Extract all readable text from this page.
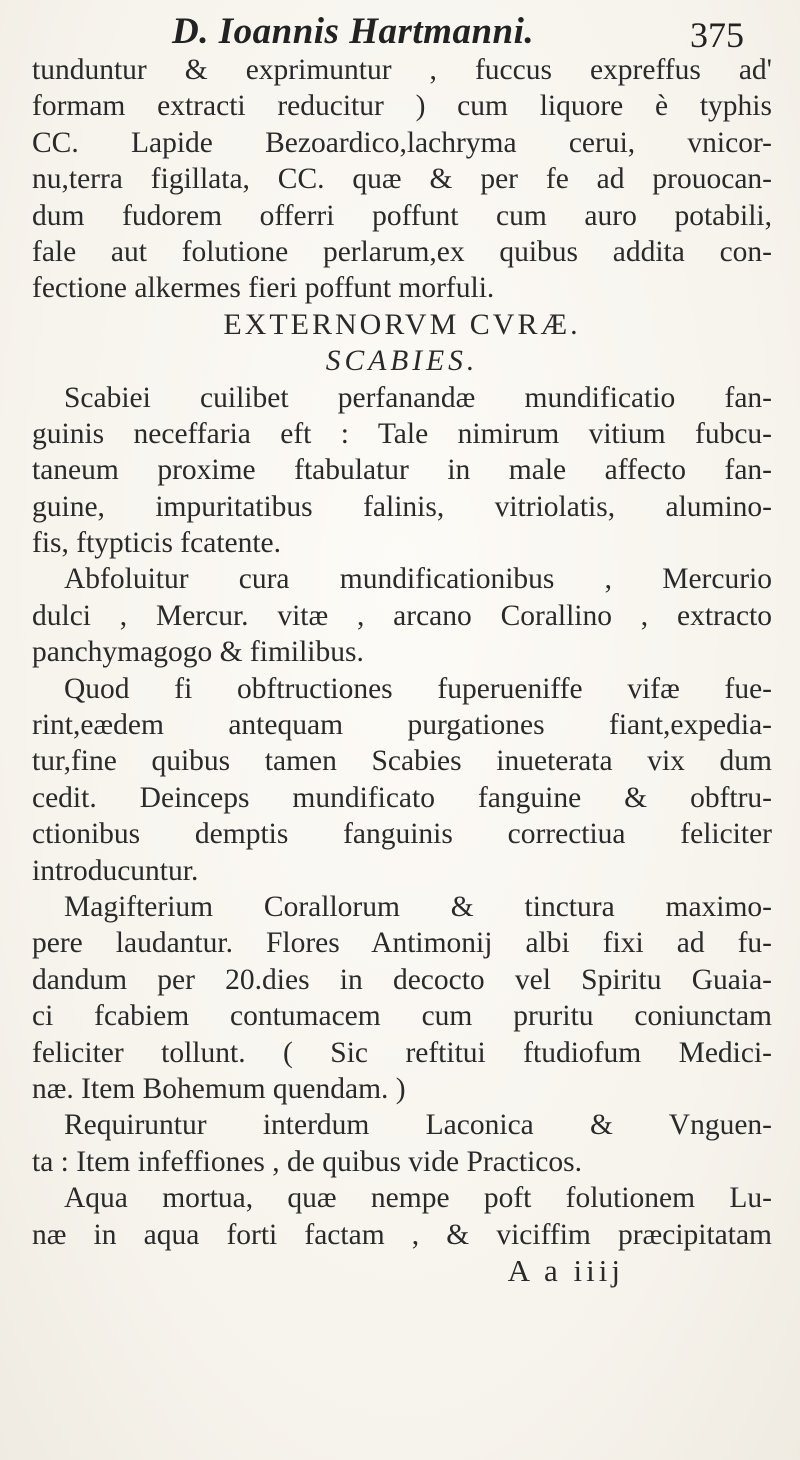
D. Ioannis Hartmanni.	375
tunduntur & exprimuntur , fuccus expreffus ad'
formam extracti reducitur ) cum liquore è typhis
CC. Lapide Bezoardico,lachryma cerui, vnicor-
nu,terra figillata, CC. quæ & per fe ad prouocan-
dum fudorem offerri poffunt cum auro potabili,
fale aut folutione perlarum,ex quibus addita con-
fectione alkermes fieri poffunt morfuli.
EXTERNORVM CVRÆ.
SCABIES.
Scabiei cuilibet perfanandæ mundificatio fan-
guinis neceffaria eft : Tale nimirum vitium fubcu-
taneum proxime ftabulatur in male affecto fan-
guine, impuritatibus falinis, vitriolatis, alumino-
fis, ftypticis fcatente.
Abfoluitur cura mundificationibus , Mercurio
dulci , Mercur. vitæ , arcano Corallino , extracto
panchymagogo & fimilibus.
Quod fi obftructiones fuperueniffe vifæ fue-
rint,eædem antequam purgationes fiant,expedia-
tur,fine quibus tamen Scabies inueterata vix dum
cedit. Deinceps mundificato fanguine & obftru-
ctionibus demptis fanguinis correctiua feliciter
introducuntur.
Magifterium Corallorum & tinctura maximo-
pere laudantur. Flores Antimonij albi fixi ad fu-
dandum per 20.dies in decocto vel Spiritu Guaia-
ci fcabiem contumacem cum pruritu coniunctam
feliciter tollunt. ( Sic reftitui ftudiofum Medici-
næ. Item Bohemum quendam. )
Requiruntur interdum Laconica & Vnguen-
ta : Item infeffiones , de quibus vide Practicos.
Aqua mortua, quæ nempe poft folutionem Lu-
næ in aqua forti factam , & viciffim præcipitatam
A a iiij
